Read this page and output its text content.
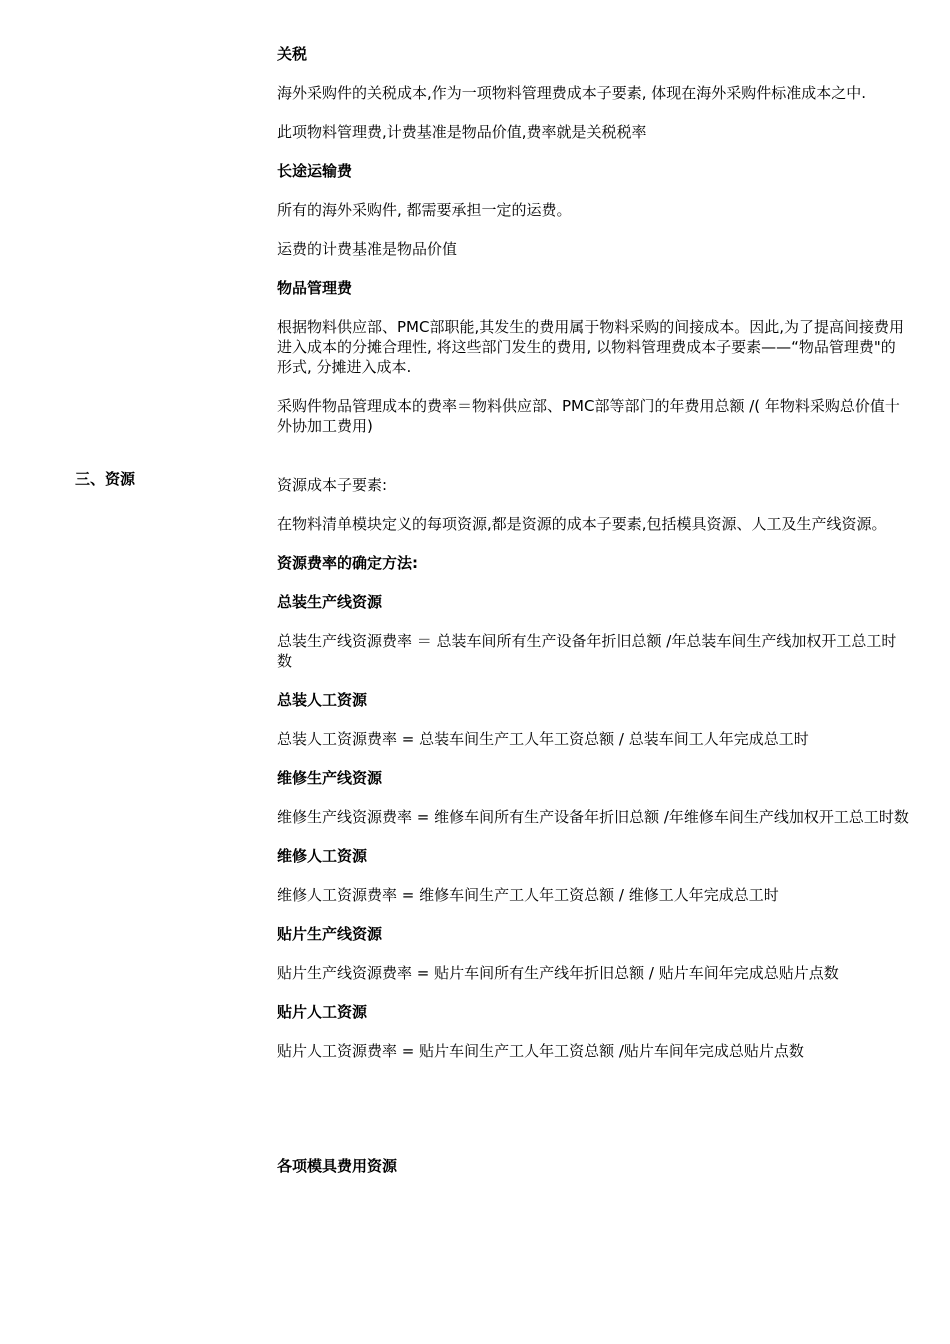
三、资源
关税
海外采购件的关税成本,作为一项物料管理费成本子要素, 体现在海外采购件标准成本之中.
此项物料管理费,计费基准是物品价值,费率就是关税税率
长途运输费
所有的海外采购件, 都需要承担一定的运费。
运费的计费基准是物品价值
物品管理费
根据物料供应部、PMC部职能,其发生的费用属于物料采购的间接成本。因此,为了提高间接费用进入成本的分摊合理性, 将这些部门发生的费用, 以物料管理费成本子要素——“物品管理费"的形式, 分摊进入成本.
采购件物品管理成本的费率＝物料供应部、PMC部等部门的年费用总额 /( 年物料采购总价值十外协加工费用)
资源成本子要素:
在物料清单模块定义的每项资源,都是资源的成本子要素,包括模具资源、人工及生产线资源。
资源费率的确定方法:
总装生产线资源
总装生产线资源费率 ＝ 总装车间所有生产设备年折旧总额 /年总装车间生产线加权开工总工时数
总装人工资源
总装人工资源费率 = 总装车间生产工人年工资总额 / 总装车间工人年完成总工时
维修生产线资源
维修生产线资源费率 = 维修车间所有生产设备年折旧总额 /年维修车间生产线加权开工总工时数
维修人工资源
维修人工资源费率 = 维修车间生产工人年工资总额 / 维修工人年完成总工时
贴片生产线资源
贴片生产线资源费率 = 贴片车间所有生产线年折旧总额 / 贴片车间年完成总贴片点数
贴片人工资源
贴片人工资源费率 = 贴片车间生产工人年工资总额 /贴片车间年完成总贴片点数
各项模具费用资源
